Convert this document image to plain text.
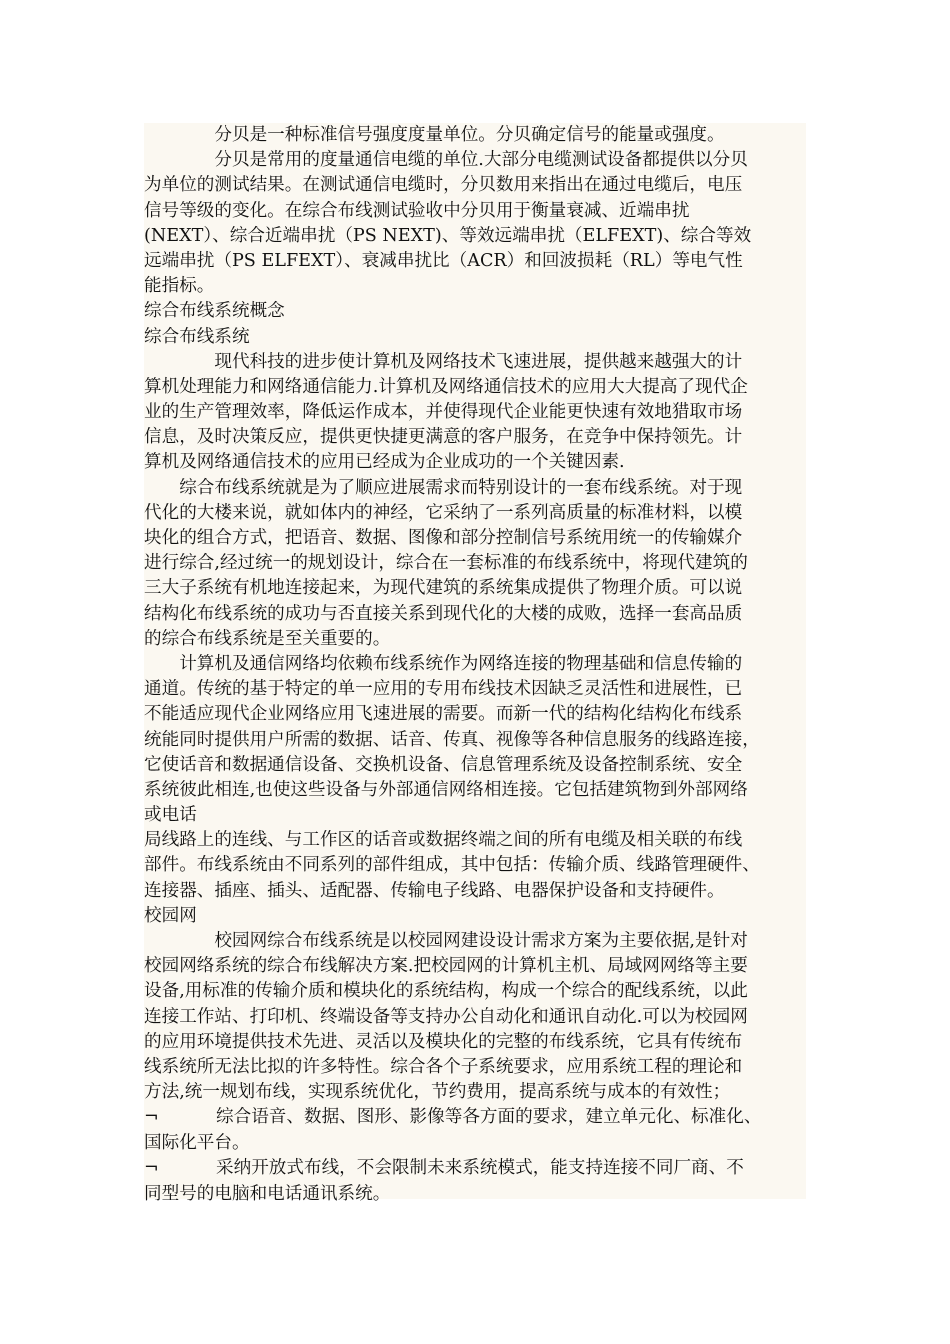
　　　　分贝是一种标准信号强度度量单位。分贝确定信号的能量或强度。
　　　　分贝是常用的度量通信电缆的单位.大部分电缆测试设备都提供以分贝
为单位的测试结果。在测试通信电缆时，分贝数用来指出在通过电缆后，电压
信号等级的变化。在综合布线测试验收中分贝用于衡量衰减、近端串扰
(NEXT）、综合近端串扰（PS NEXT)、等效远端串扰（ELFEXT)、综合等效
远端串扰（PS ELFEXT）、衰减串扰比（ACR）和回波损耗（RL）等电气性
能指标。
综合布线系统概念
综合布线系统
　　　　现代科技的进步使计算机及网络技术飞速进展，提供越来越强大的计
算机处理能力和网络通信能力.计算机及网络通信技术的应用大大提高了现代企
业的生产管理效率，降低运作成本，并使得现代企业能更快速有效地猎取市场
信息，及时决策反应，提供更快捷更满意的客户服务，在竞争中保持领先。计
算机及网络通信技术的应用已经成为企业成功的一个关键因素.
　　综合布线系统就是为了顺应进展需求而特别设计的一套布线系统。对于现
代化的大楼来说，就如体内的神经，它采纳了一系列高质量的标准材料，以模
块化的组合方式，把语音、数据、图像和部分控制信号系统用统一的传输媒介
进行综合,经过统一的规划设计，综合在一套标准的布线系统中，将现代建筑的
三大子系统有机地连接起来，为现代建筑的系统集成提供了物理介质。可以说
结构化布线系统的成功与否直接关系到现代化的大楼的成败，选择一套高品质
的综合布线系统是至关重要的。
　　计算机及通信网络均依赖布线系统作为网络连接的物理基础和信息传输的
通道。传统的基于特定的单一应用的专用布线技术因缺乏灵活性和进展性，已
不能适应现代企业网络应用飞速进展的需要。而新一代的结构化结构化布线系
统能同时提供用户所需的数据、话音、传真、视像等各种信息服务的线路连接，
它使话音和数据通信设备、交换机设备、信息管理系统及设备控制系统、安全
系统彼此相连,也使这些设备与外部通信网络相连接。它包括建筑物到外部网络
或电话
局线路上的连线、与工作区的话音或数据终端之间的所有电缆及相关联的布线
部件。布线系统由不同系列的部件组成，其中包括：传输介质、线路管理硬件、
连接器、插座、插头、适配器、传输电子线路、电器保护设备和支持硬件。
校园网
　　　　校园网综合布线系统是以校园网建设设计需求方案为主要依据,是针对
校园网络系统的综合布线解决方案.把校园网的计算机主机、局域网网络等主要
设备,用标准的传输介质和模块化的系统结构，构成一个综合的配线系统，以此
连接工作站、打印机、终端设备等支持办公自动化和通讯自动化.可以为校园网
的应用环境提供技术先进、灵活以及模块化的完整的布线系统，它具有传统布
线系统所无法比拟的许多特性。综合各个子系统要求，应用系统工程的理论和
方法,统一规划布线，实现系统优化，节约费用，提高系统与成本的有效性；
¬	综合语音、数据、图形、影像等各方面的要求，建立单元化、标准化、
国际化平台。
¬	采纳开放式布线，不会限制未来系统模式，能支持连接不同厂商、不
同型号的电脑和电话通讯系统。
